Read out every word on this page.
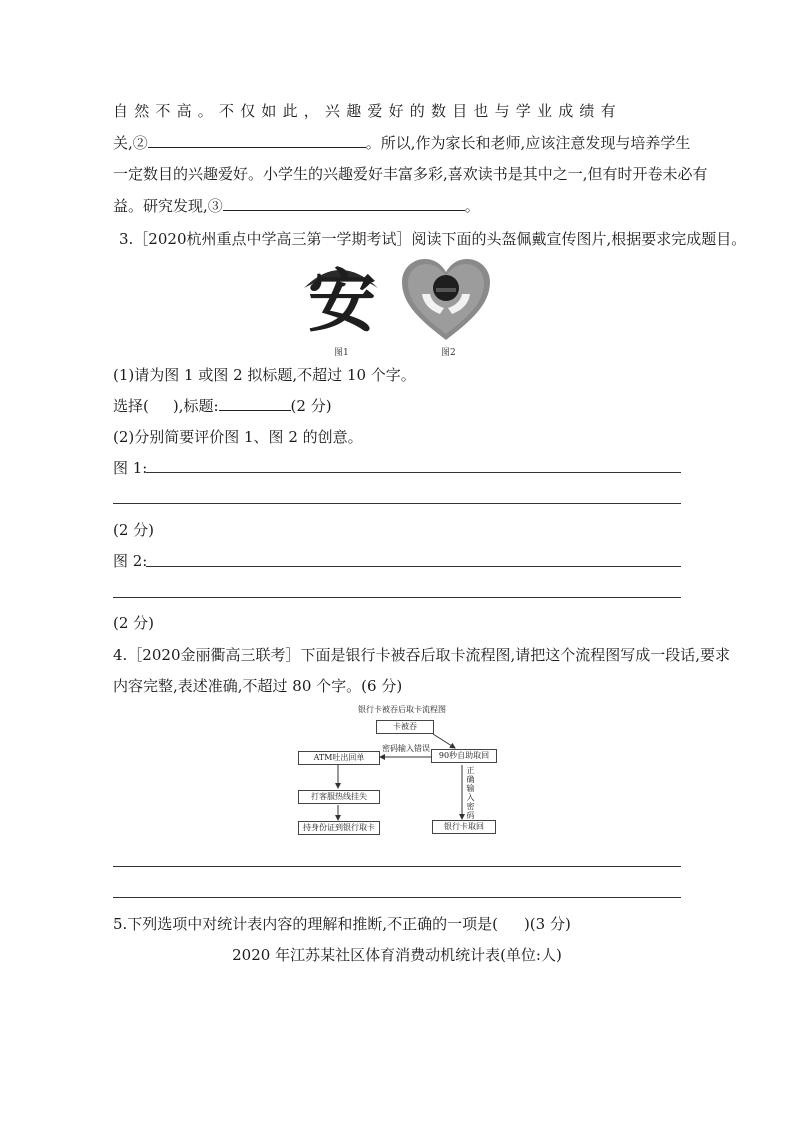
自然不高。不仅如此，兴趣爱好的数目也与学业成绩有
关,②	。所以,作为家长和老师,应该注意发现与培养学生
一定数目的兴趣爱好。小学生的兴趣爱好丰富多彩,喜欢读书是其中之一,但有时开卷未必有
益。研究发现,③	。
3.［2020杭州重点中学高三第一学期考试］阅读下面的头盔佩戴宣传图片,根据要求完成题目。
安
图1	图2
(1)请为图 1 或图 2 拟标题,不超过 10 个字。
选择( ),标题:	(2 分)
(2)分别简要评价图 1、图 2 的创意。
图 1:
(2 分)
图 2:
(2 分)
4.［2020金丽衢高三联考］下面是银行卡被吞后取卡流程图,请把这个流程图写成一段话,要求
内容完整,表述准确,不超过 80 个字。(6 分)
银行卡被吞后取卡流程图
卡被吞
90秒自助取回
ATM吐出回单
打客服热线挂失
持身份证到银行取卡	银行卡取回
密码输入错误
正确输入密码
5.下列选项中对统计表内容的理解和推断,不正确的一项是( )(3 分)
2020 年江苏某社区体育消费动机统计表(单位:人)
